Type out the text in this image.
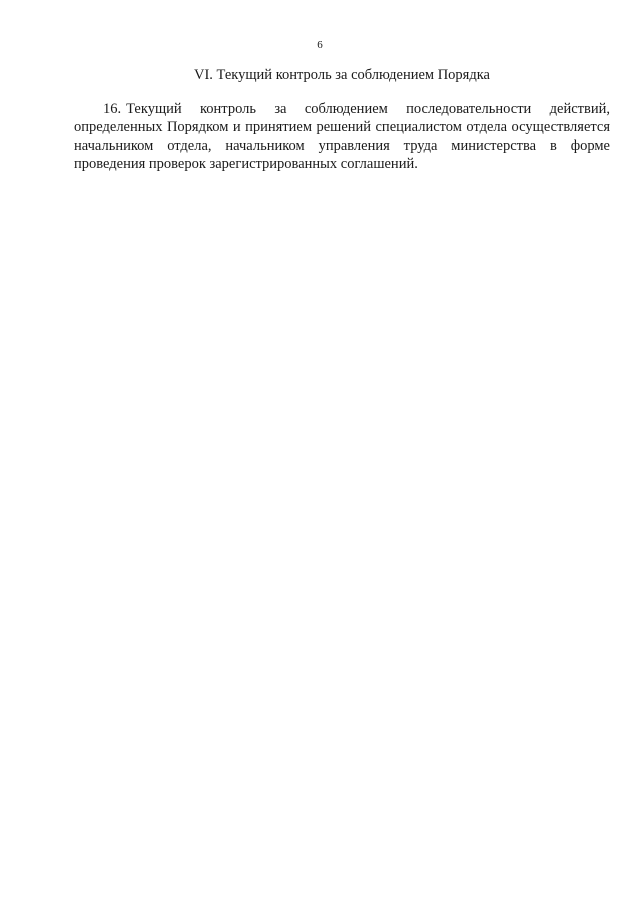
6
VI. Текущий контроль за соблюдением Порядка

16. Текущий контроль за соблюдением последовательности действий, определенных Порядком и принятием решений специалистом отдела осуществляется начальником отдела, начальником управления труда министерства в форме проведения проверок зарегистрированных соглашений.
